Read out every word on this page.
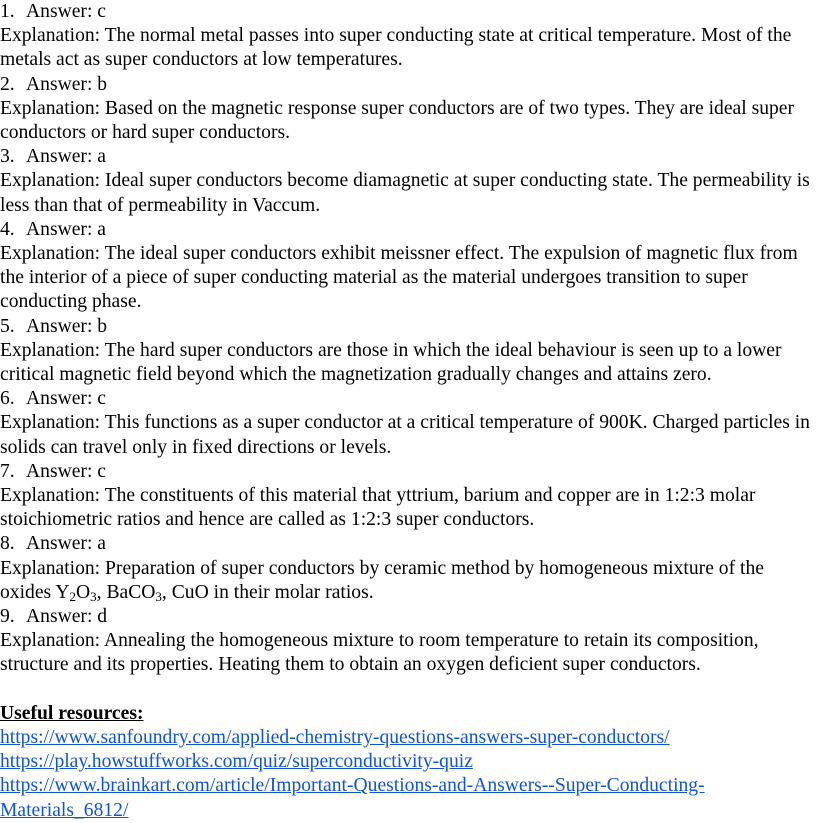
1. Answer: c
Explanation: The normal metal passes into super conducting state at critical temperature. Most of the metals act as super conductors at low temperatures.
2. Answer: b
Explanation: Based on the magnetic response super conductors are of two types. They are ideal super conductors or hard super conductors.
3. Answer: a
Explanation: Ideal super conductors become diamagnetic at super conducting state. The permeability is less than that of permeability in Vaccum.
4. Answer: a
Explanation: The ideal super conductors exhibit meissner effect. The expulsion of magnetic flux from the interior of a piece of super conducting material as the material undergoes transition to super conducting phase.
5. Answer: b
Explanation: The hard super conductors are those in which the ideal behaviour is seen up to a lower critical magnetic field beyond which the magnetization gradually changes and attains zero.
6. Answer: c
Explanation: This functions as a super conductor at a critical temperature of 900K. Charged particles in solids can travel only in fixed directions or levels.
7. Answer: c
Explanation: The constituents of this material that yttrium, barium and copper are in 1:2:3 molar stoichiometric ratios and hence are called as 1:2:3 super conductors.
8. Answer: a
Explanation: Preparation of super conductors by ceramic method by homogeneous mixture of the oxides $Y_2O_3$, BaCO$_3$, CuO in their molar ratios.
9. Answer: d
Explanation: Annealing the homogeneous mixture to room temperature to retain its composition, structure and its properties. Heating them to obtain an oxygen deficient super conductors.
Useful resources:
https://www.sanfoundry.com/applied-chemistry-questions-answers-super-conductors/
https://play.howstuffworks.com/quiz/superconductivity-quiz
https://www.brainkart.com/article/Important-Questions-and-Answers--Super-Conducting-Materials_6812/
